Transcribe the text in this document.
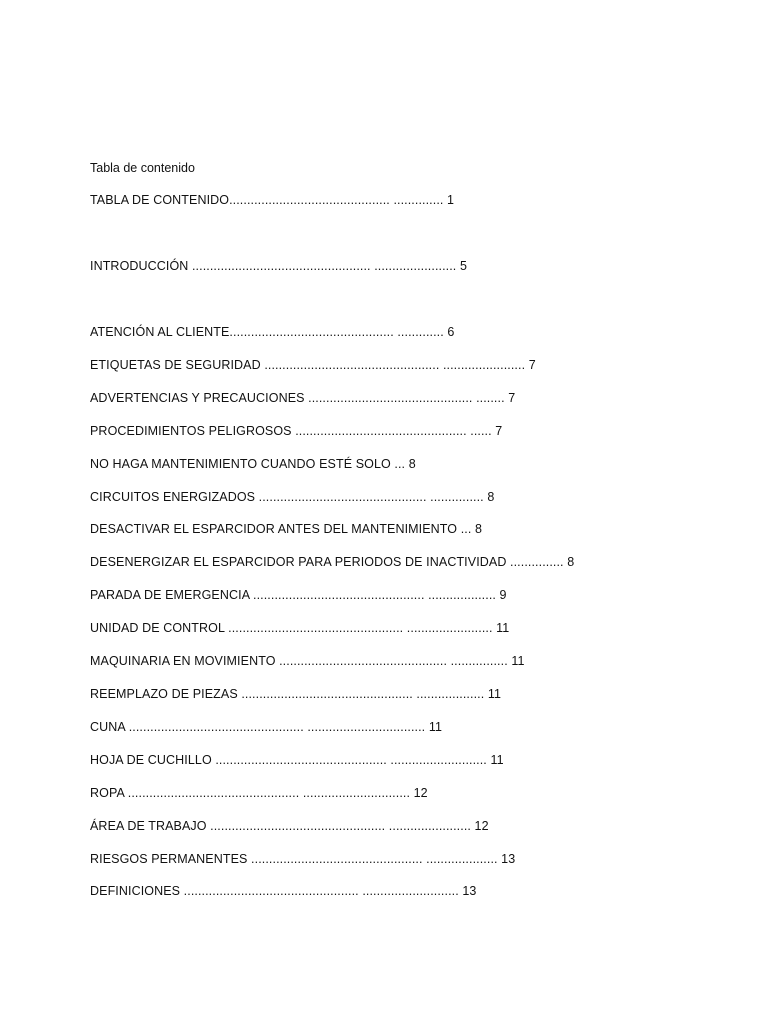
Tabla de contenido
TABLA DE CONTENIDO............................................. .............. 1
INTRODUCCIÓN .................................................. ....................... 5
ATENCIÓN AL CLIENTE.............................................. ............. 6
ETIQUETAS DE SEGURIDAD ................................................. ....................... 7
ADVERTENCIAS Y PRECAUCIONES .............................................. ........ 7
PROCEDIMIENTOS PELIGROSOS ................................................ ...... 7
NO HAGA MANTENIMIENTO CUANDO ESTÉ SOLO ... 8
CIRCUITOS ENERGIZADOS ............................................... ............... 8
DESACTIVAR EL ESPARCIDOR ANTES DEL MANTENIMIENTO ... 8
DESENERGIZAR EL ESPARCIDOR PARA PERIODOS DE INACTIVIDAD ............... 8
PARADA DE EMERGENCIA ................................................ ................... 9
UNIDAD DE CONTROL ................................................. ........................ 11
MAQUINARIA EN MOVIMIENTO ............................................... ................ 11
REEMPLAZO DE PIEZAS ................................................ ................... 11
CUNA ................................................. ................................. 11
HOJA DE CUCHILLO ................................................ ........................... 11
ROPA ................................................ .............................. 12
ÁREA DE TRABAJO ................................................. ....................... 12
RIESGOS PERMANENTES ................................................ .................... 13
DEFINICIONES ................................................. ........................... 13
